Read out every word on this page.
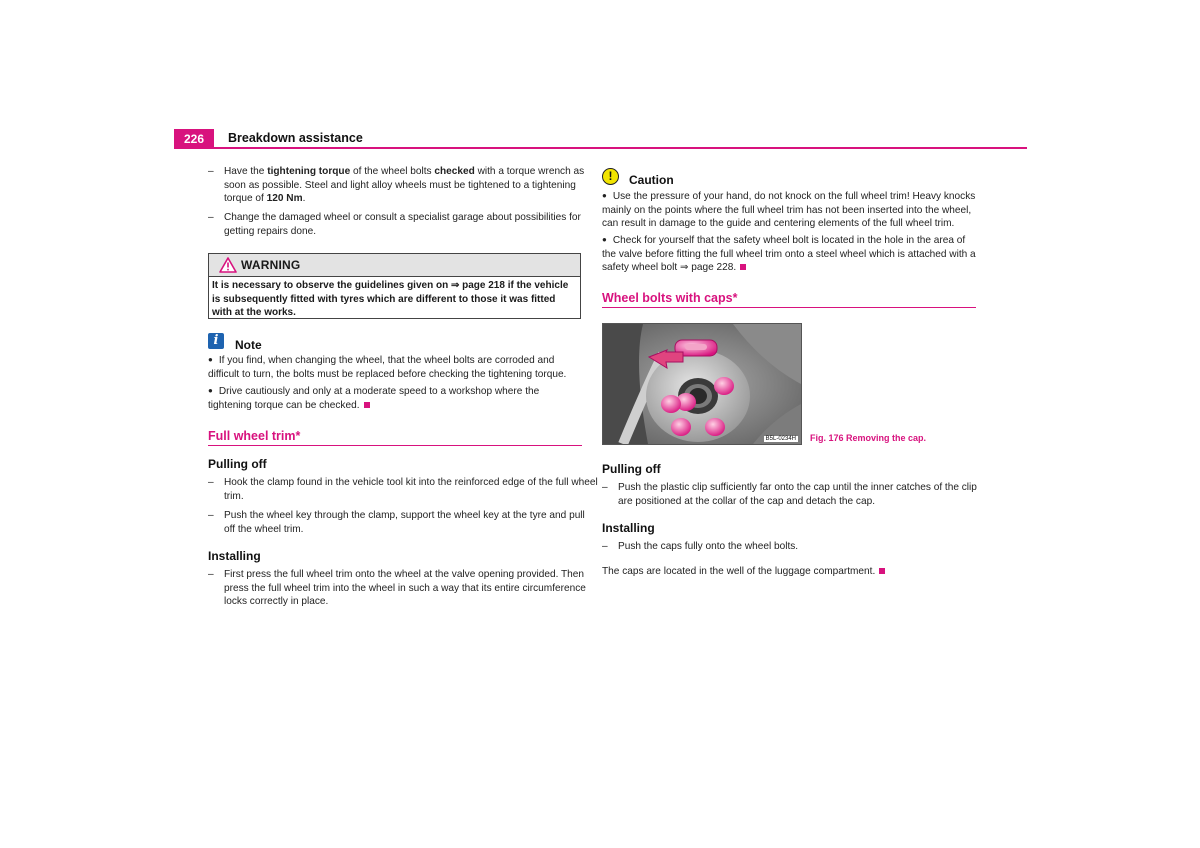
226	Breakdown assistance
– Have the tightening torque of the wheel bolts checked with a torque wrench as soon as possible. Steel and light alloy wheels must be tightened to a tightening torque of 120 Nm.
– Change the damaged wheel or consult a specialist garage about possibilities for getting repairs done.
WARNING
It is necessary to observe the guidelines given on ⇒ page 218 if the vehicle is subsequently fitted with tyres which are different to those it was fitted with at the works.
i	Note
● If you find, when changing the wheel, that the wheel bolts are corroded and difficult to turn, the bolts must be replaced before checking the tightening torque.
● Drive cautiously and only at a moderate speed to a workshop where the tightening torque can be checked.
Full wheel trim*
Pulling off
– Hook the clamp found in the vehicle tool kit into the reinforced edge of the full wheel trim.
– Push the wheel key through the clamp, support the wheel key at the tyre and pull off the wheel trim.
Installing
– First press the full wheel trim onto the wheel at the valve opening provided. Then press the full wheel trim into the wheel in such a way that its entire circumference locks correctly in place.
!	Caution
● Use the pressure of your hand, do not knock on the full wheel trim! Heavy knocks mainly on the points where the full wheel trim has not been inserted into the wheel, can result in damage to the guide and centering elements of the full wheel trim.
● Check for yourself that the safety wheel bolt is located in the hole in the area of the valve before fitting the full wheel trim onto a steel wheel which is attached with a safety wheel bolt ⇒ page 228.
Wheel bolts with caps*
B5L-0234H Fig. 176 Removing the cap.
Pulling off
– Push the plastic clip sufficiently far onto the cap until the inner catches of the clip are positioned at the collar of the cap and detach the cap.
Installing
– Push the caps fully onto the wheel bolts.
The caps are located in the well of the luggage compartment.
